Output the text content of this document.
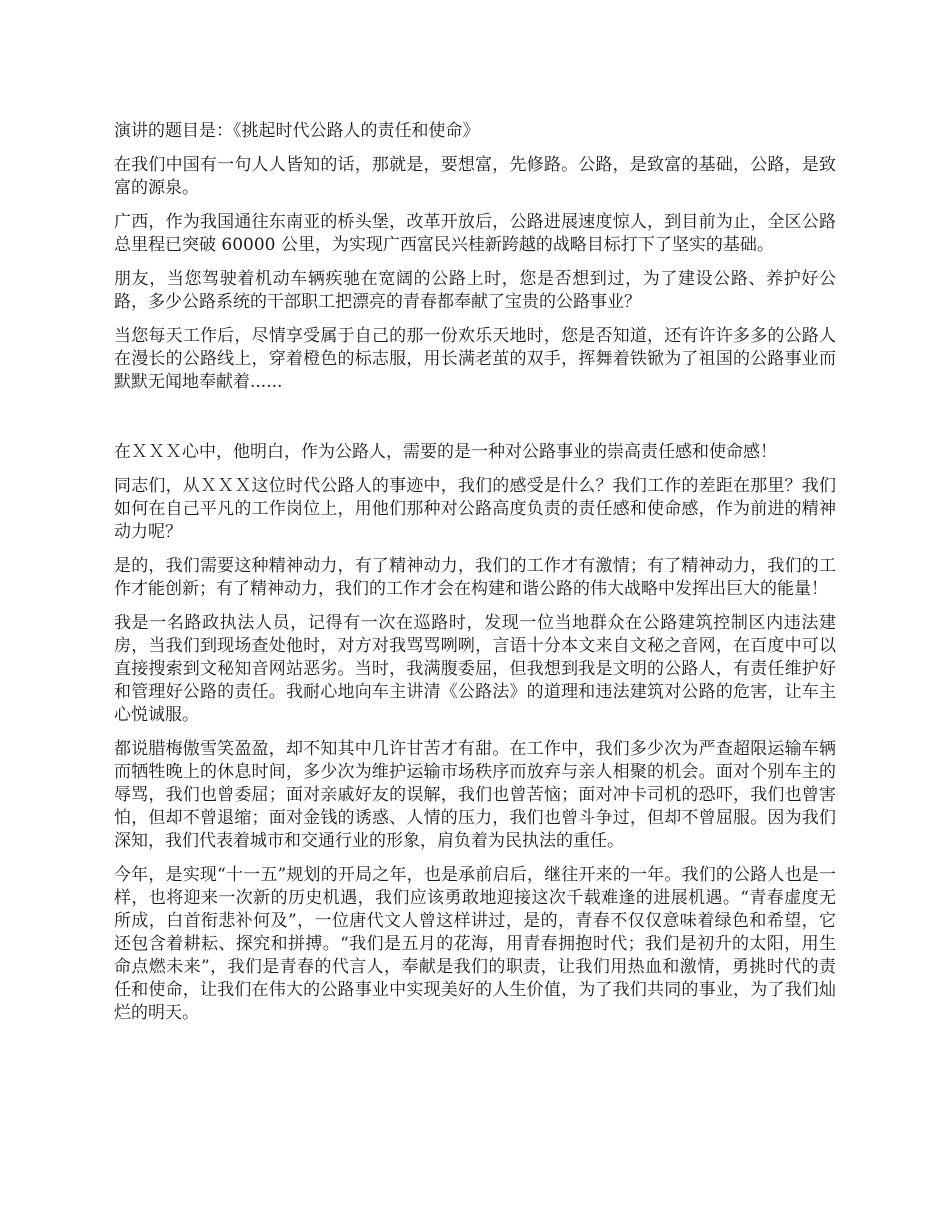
演讲的题目是：《挑起时代公路人的责任和使命》

在我们中国有一句人人皆知的话，那就是，要想富，先修路。公路，是致富的基础，公路，是致富的源泉。

广西，作为我国通往东南亚的桥头堡，改革开放后，公路进展速度惊人，到目前为止，全区公路总里程已突破 60000 公里，为实现广西富民兴桂新跨越的战略目标打下了坚实的基础。

朋友，当您驾驶着机动车辆疾驰在宽阔的公路上时，您是否想到过，为了建设公路、养护好公路，多少公路系统的干部职工把漂亮的青春都奉献了宝贵的公路事业？

当您每天工作后，尽情享受属于自己的那一份欢乐天地时，您是否知道，还有许许多多的公路人在漫长的公路线上，穿着橙色的标志服，用长满老茧的双手，挥舞着铁锨为了祖国的公路事业而默默无闻地奉献着......

在ＸＸＸ心中，他明白，作为公路人，需要的是一种对公路事业的崇高责任感和使命感！

同志们，从ＸＸＸ这位时代公路人的事迹中，我们的感受是什么？我们工作的差距在那里？我们如何在自己平凡的工作岗位上，用他们那种对公路高度负责的责任感和使命感，作为前进的精神动力呢？

是的，我们需要这种精神动力，有了精神动力，我们的工作才有激情；有了精神动力，我们的工作才能创新；有了精神动力，我们的工作才会在构建和谐公路的伟大战略中发挥出巨大的能量！

我是一名路政执法人员，记得有一次在巡路时，发现一位当地群众在公路建筑控制区内违法建房，当我们到现场查处他时，对方对我骂骂咧咧，言语十分本文来自文秘之音网，在百度中可以直接搜索到文秘知音网站恶劣。当时，我满腹委屈，但我想到我是文明的公路人，有责任维护好和管理好公路的责任。我耐心地向车主讲清《公路法》的道理和违法建筑对公路的危害，让车主心悦诚服。

都说腊梅傲雪笑盈盈，却不知其中几许甘苦才有甜。在工作中，我们多少次为严查超限运输车辆而牺牲晚上的休息时间，多少次为维护运输市场秩序而放弃与亲人相聚的机会。面对个别车主的辱骂，我们也曾委屈；面对亲戚好友的误解，我们也曾苦恼；面对冲卡司机的恐吓，我们也曾害怕，但却不曾退缩；面对金钱的诱惑、人情的压力，我们也曾斗争过，但却不曾屈服。因为我们深知，我们代表着城市和交通行业的形象，肩负着为民执法的重任。

今年，是实现“十一五”规划的开局之年，也是承前启后，继往开来的一年。我们的公路人也是一样，也将迎来一次新的历史机遇，我们应该勇敢地迎接这次千载难逢的进展机遇。“青春虚度无所成，白首衔悲补何及”，一位唐代文人曾这样讲过，是的，青春不仅仅意味着绿色和希望，它还包含着耕耘、探究和拼搏。“我们是五月的花海，用青春拥抱时代；我们是初升的太阳，用生命点燃未来”，我们是青春的代言人，奉献是我们的职责，让我们用热血和激情，勇挑时代的责任和使命，让我们在伟大的公路事业中实现美好的人生价值，为了我们共同的事业，为了我们灿烂的明天。
